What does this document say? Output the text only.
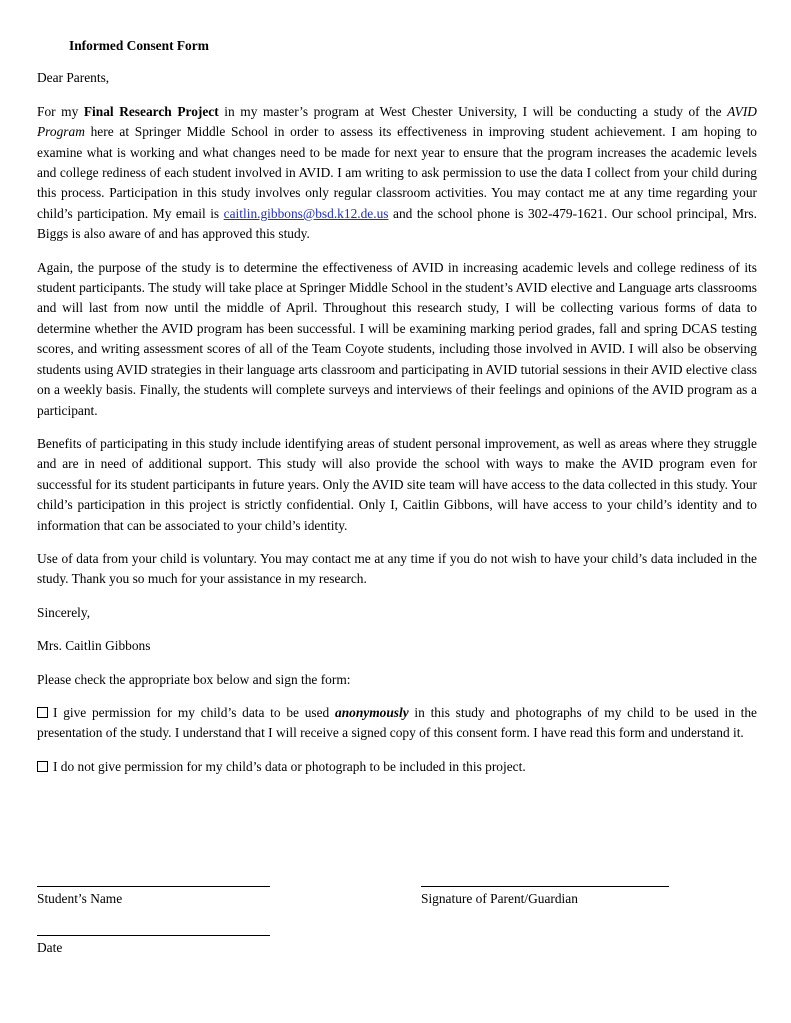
Informed Consent Form

Dear Parents,

For my Final Research Project in my master’s program at West Chester University, I will be conducting a study of the AVID Program here at Springer Middle School in order to assess its effectiveness in improving student achievement. I am hoping to examine what is working and what changes need to be made for next year to ensure that the program increases the academic levels and college rediness of each student involved in AVID. I am writing to ask permission to use the data I collect from your child during this process. Participation in this study involves only regular classroom activities. You may contact me at any time regarding your child’s participation. My email is caitlin.gibbons@bsd.k12.de.us and the school phone is 302-479-1621. Our school principal, Mrs. Biggs is also aware of and has approved this study.

Again, the purpose of the study is to determine the effectiveness of AVID in increasing academic levels and college rediness of its student participants. The study will take place at Springer Middle School in the student’s AVID elective and Language arts classrooms and will last from now until the middle of April. Throughout this research study, I will be collecting various forms of data to determine whether the AVID program has been successful. I will be examining marking period grades, fall and spring DCAS testing scores, and writing assessment scores of all of the Team Coyote students, including those involved in AVID. I will also be observing students using AVID strategies in their language arts classroom and participating in AVID tutorial sessions in their AVID elective class on a weekly basis. Finally, the students will complete surveys and interviews of their feelings and opinions of the AVID program as a participant.

Benefits of participating in this study include identifying areas of student personal improvement, as well as areas where they struggle and are in need of additional support. This study will also provide the school with ways to make the AVID program even for successful for its student participants in future years. Only the AVID site team will have access to the data collected in this study. Your child’s participation in this project is strictly confidential. Only I, Caitlin Gibbons, will have access to your child’s identity and to information that can be associated to your child’s identity.

Use of data from your child is voluntary. You may contact me at any time if you do not wish to have your child’s data included in the study. Thank you so much for your assistance in my research.

Sincerely,

Mrs. Caitlin Gibbons

Please check the appropriate box below and sign the form:

I give permission for my child’s data to be used anonymously in this study and photographs of my child to be used in the presentation of the study. I understand that I will receive a signed copy of this consent form. I have read this form and understand it.

I do not give permission for my child’s data or photograph to be included in this project.

Student’s Name	Signature of Parent/Guardian
Date
